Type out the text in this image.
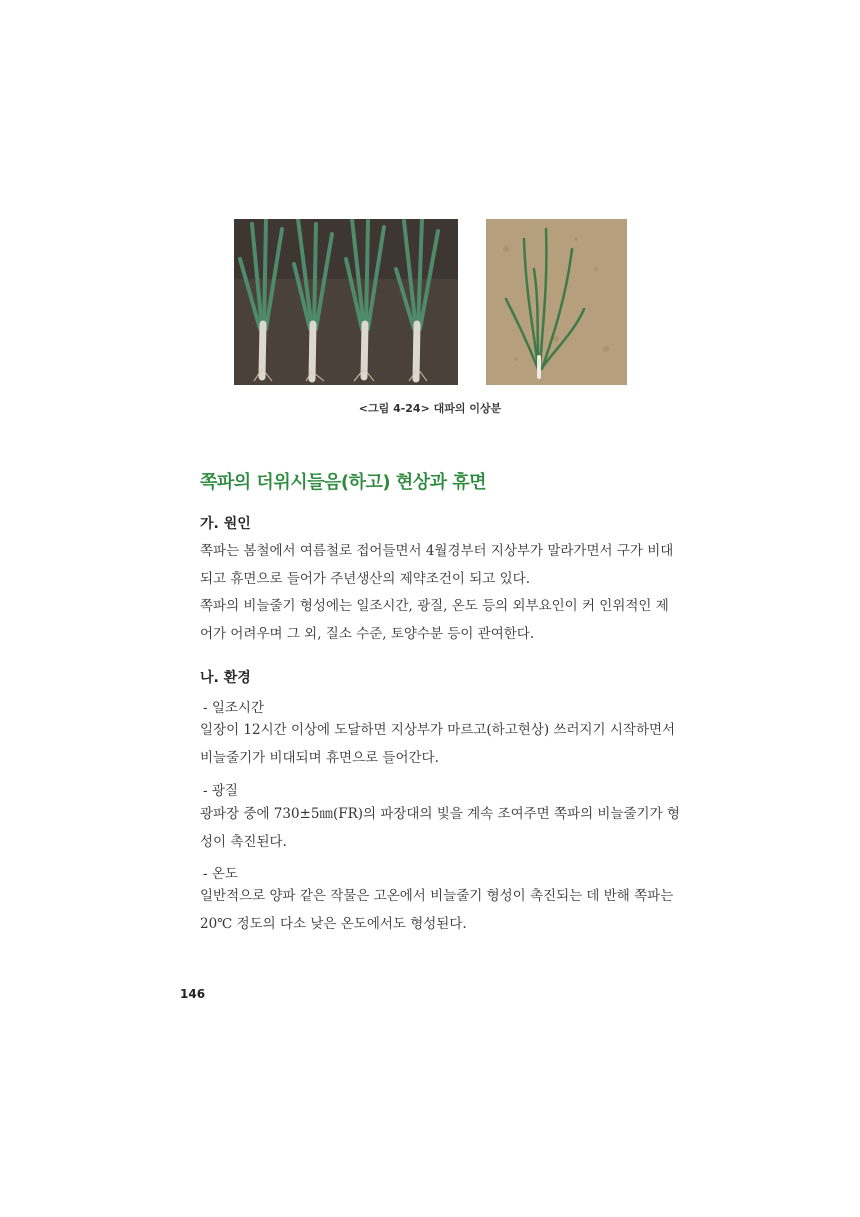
<그림 4-24> 대파의 이상분
쪽파의 더위시들음(하고) 현상과 휴면
가. 원인
쪽파는 봄철에서 여름철로 접어들면서 4월경부터 지상부가 말라가면서 구가 비대
되고 휴면으로 들어가 주년생산의 제약조건이 되고 있다.
쪽파의 비늘줄기 형성에는 일조시간, 광질, 온도 등의 외부요인이 커 인위적인 제
어가 어려우며 그 외, 질소 수준, 토양수분 등이 관여한다.
나. 환경
- 일조시간
일장이 12시간 이상에 도달하면 지상부가 마르고(하고현상) 쓰러지기 시작하면서
비늘줄기가 비대되며 휴면으로 들어간다.
- 광질
광파장 중에 730±5㎚(FR)의 파장대의 빛을 계속 조여주면 쪽파의 비늘줄기가 형
성이 촉진된다.
- 온도
일반적으로 양파 같은 작물은 고온에서 비늘줄기 형성이 촉진되는 데 반해 쪽파는
20℃ 정도의 다소 낮은 온도에서도 형성된다.
146
